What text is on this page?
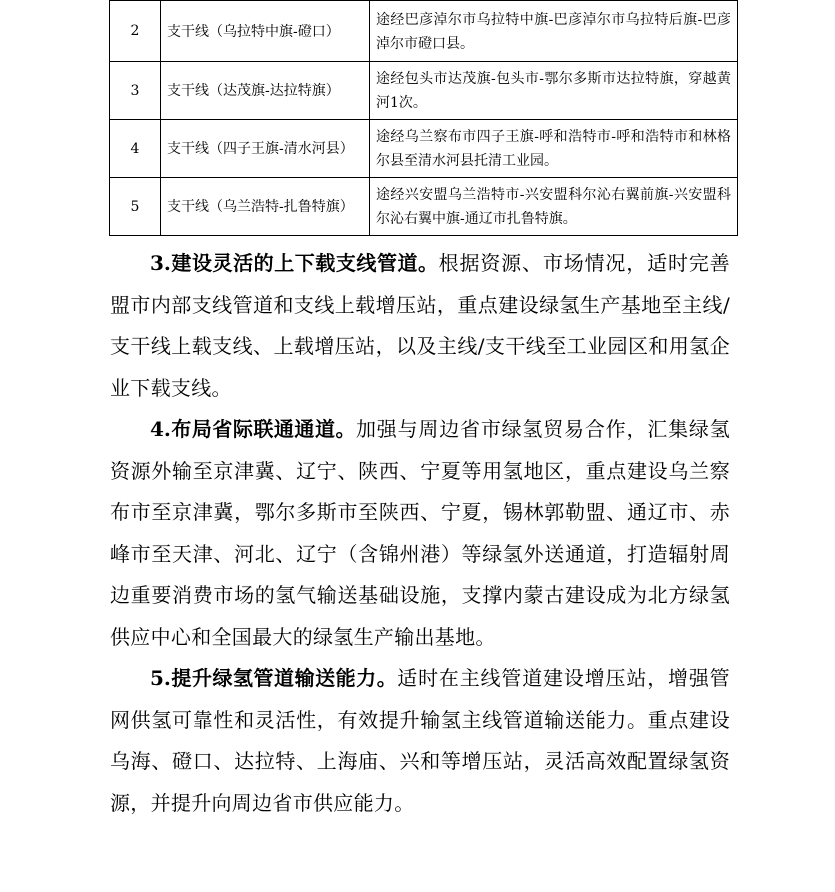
2	支干线（乌拉特中旗-磴口）	途经巴彦淖尔市乌拉特中旗-巴彦淖尔市乌拉特后旗-巴彦淖尔市磴口县。
3	支干线（达茂旗-达拉特旗）	途经包头市达茂旗-包头市-鄂尔多斯市达拉特旗，穿越黄河1次。
4	支干线（四子王旗-清水河县）	途经乌兰察布市四子王旗-呼和浩特市-呼和浩特市和林格尔县至清水河县托清工业园。
5	支干线（乌兰浩特-扎鲁特旗）	途经兴安盟乌兰浩特市-兴安盟科尔沁右翼前旗-兴安盟科尔沁右翼中旗-通辽市扎鲁特旗。

3.建设灵活的上下载支线管道。根据资源、市场情况，适时完善盟市内部支线管道和支线上载增压站，重点建设绿氢生产基地至主线/支干线上载支线、上载增压站，以及主线/支干线至工业园区和用氢企业下载支线。

4.布局省际联通通道。加强与周边省市绿氢贸易合作，汇集绿氢资源外输至京津冀、辽宁、陕西、宁夏等用氢地区，重点建设乌兰察布市至京津冀，鄂尔多斯市至陕西、宁夏，锡林郭勒盟、通辽市、赤峰市至天津、河北、辽宁（含锦州港）等绿氢外送通道，打造辐射周边重要消费市场的氢气输送基础设施，支撑内蒙古建设成为北方绿氢供应中心和全国最大的绿氢生产输出基地。

5.提升绿氢管道输送能力。适时在主线管道建设增压站，增强管网供氢可靠性和灵活性，有效提升输氢主线管道输送能力。重点建设乌海、磴口、达拉特、上海庙、兴和等增压站，灵活高效配置绿氢资源，并提升向周边省市供应能力。
